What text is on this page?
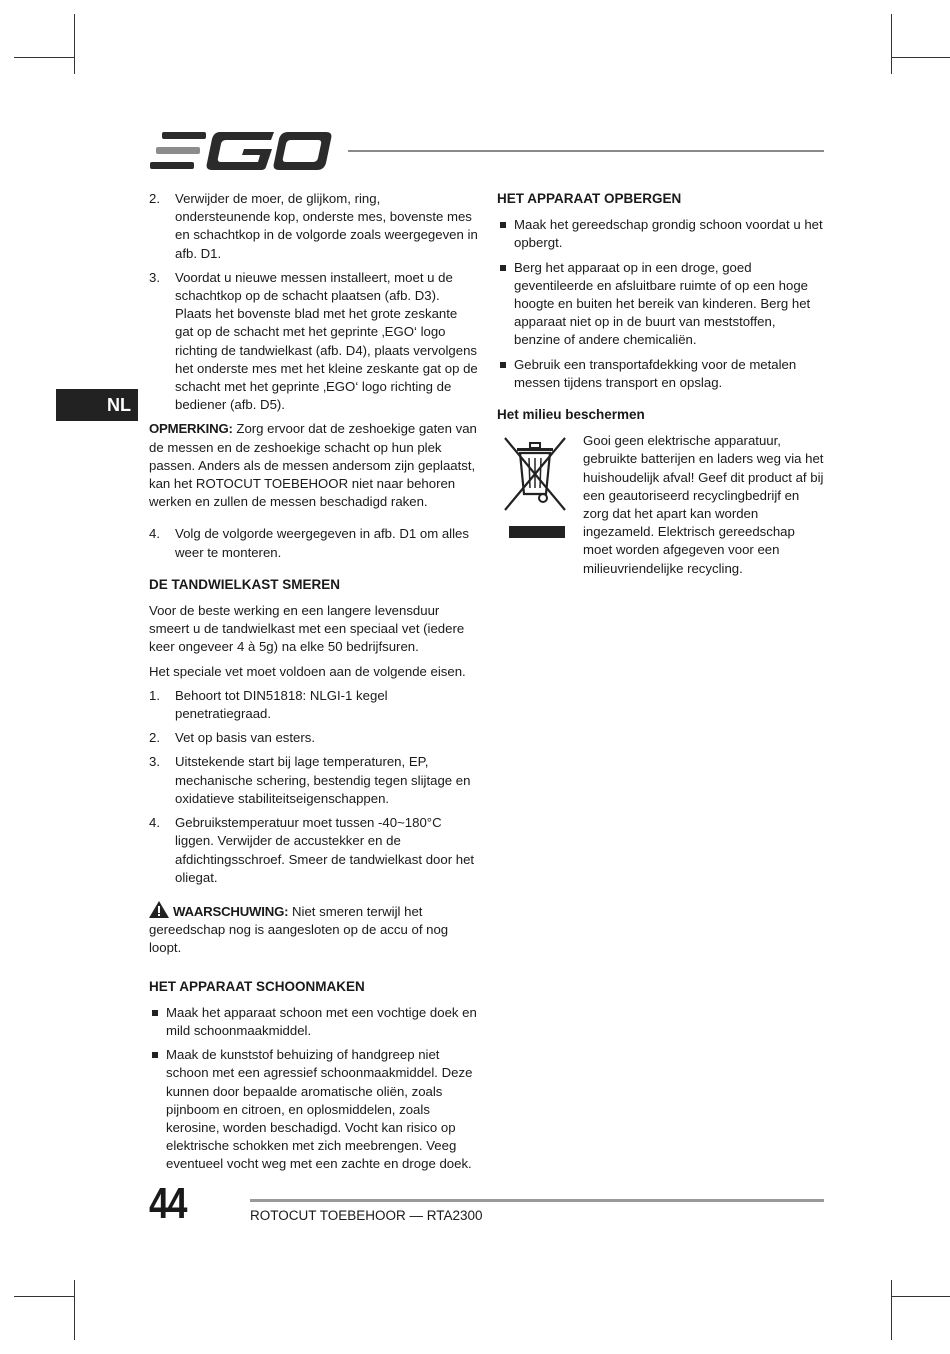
NL
2.	Verwijder de moer, de glijkom, ring, ondersteunende kop, onderste mes, bovenste mes en schachtkop in de volgorde zoals weergegeven in afb. D1.
3.	Voordat u nieuwe messen installeert, moet u de schachtkop op de schacht plaatsen (afb. D3). Plaats het bovenste blad met het grote zeskante gat op de schacht met het geprinte ‚EGO‘ logo richting de tandwielkast (afb. D4), plaats vervolgens het onderste mes met het kleine zeskante gat op de schacht met het geprinte ‚EGO‘ logo richting de bediener (afb. D5).

OPMERKING: Zorg ervoor dat de zeshoekige gaten van de messen en de zeshoekige schacht op hun plek passen. Anders als de messen andersom zijn geplaatst, kan het ROTOCUT TOEBEHOOR niet naar behoren werken en zullen de messen beschadigd raken.

4.	Volg de volgorde weergegeven in afb. D1 om alles weer te monteren.
DE TANDWIELKAST SMEREN

Voor de beste werking en een langere levensduur smeert u de tandwielkast met een speciaal vet (iedere keer ongeveer 4 à 5g) na elke 50 bedrijfsuren.

Het speciale vet moet voldoen aan de volgende eisen.

1.	Behoort tot DIN51818: NLGI-1 kegel penetratiegraad.
2.	Vet op basis van esters.
3.	Uitstekende start bij lage temperaturen, EP, mechanische schering, bestendig tegen slijtage en oxidatieve stabiliteitseigenschappen.
4.	Gebruikstemperatuur moet tussen -40~180°C liggen. Verwijder de accustekker en de afdichtingsschroef. Smeer de tandwielkast door het oliegat.

WAARSCHUWING: Niet smeren terwijl het gereedschap nog is aangesloten op de accu of nog loopt.

HET APPARAAT SCHOONMAKEN
Maak het apparaat schoon met een vochtige doek en mild schoonmaakmiddel.
Maak de kunststof behuizing of handgreep niet schoon met een agressief schoonmaakmiddel. Deze kunnen door bepaalde aromatische oliën, zoals pijnboom en citroen, en oplosmiddelen, zoals kerosine, worden beschadigd. Vocht kan risico op elektrische schokken met zich meebrengen. Veeg eventueel vocht weg met een zachte en droge doek.
HET APPARAAT OPBERGEN
Maak het gereedschap grondig schoon voordat u het opbergt.
Berg het apparaat op in een droge, goed geventileerde en afsluitbare ruimte of op een hoge hoogte en buiten het bereik van kinderen. Berg het apparaat niet op in de buurt van meststoffen, benzine of andere chemicaliën.
Gebruik een transportafdekking voor de metalen messen tijdens transport en opslag.
Het milieu beschermen

Gooi geen elektrische apparatuur, gebruikte batterijen en laders weg via het huishoudelijk afval! Geef dit product af bij een geautoriseerd recyclingbedrijf en zorg dat het apart kan worden ingezameld. Elektrisch gereedschap moet worden afgegeven voor een milieuvriendelijke recycling.

44	ROTOCUT TOEBEHOOR — RTA2300
